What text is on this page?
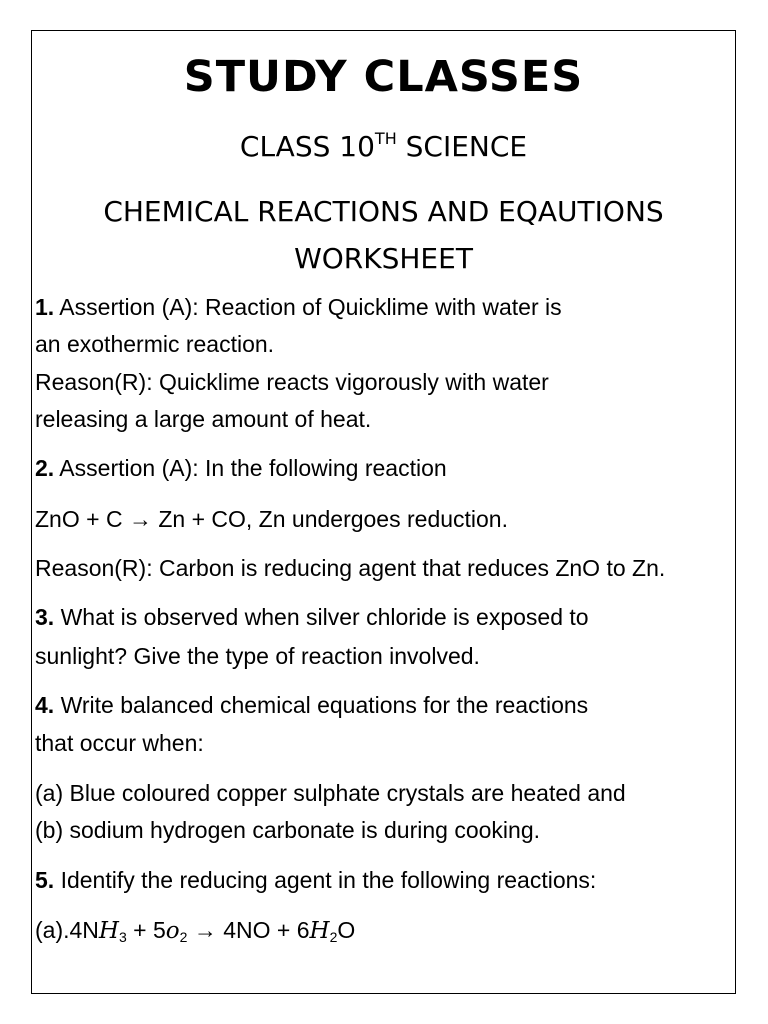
STUDY CLASSES
CLASS 10TH SCIENCE
CHEMICAL REACTIONS AND EQAUTIONS
WORKSHEET
1. Assertion (A): Reaction of Quicklime with water is
an exothermic reaction.
Reason(R): Quicklime reacts vigorously with water
releasing a large amount of heat.
2. Assertion (A): In the following reaction
ZnO + C → Zn + CO, Zn undergoes reduction.
Reason(R): Carbon is reducing agent that reduces ZnO to Zn.
3. What is observed when silver chloride is exposed to
sunlight? Give the type of reaction involved.
4. Write balanced chemical equations for the reactions
that occur when:
(a) Blue coloured copper sulphate crystals are heated and
(b) sodium hydrogen carbonate is during cooking.
5. Identify the reducing agent in the following reactions:
$(a).4NH_3 + 5o_2 \to 4NO + 6H_2O$
